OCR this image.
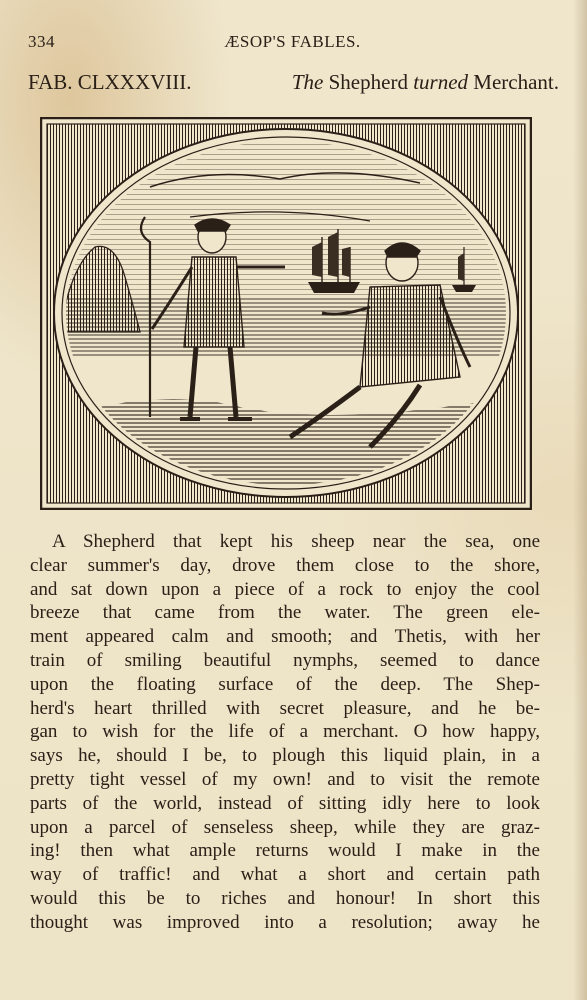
334	ÆSOP'S FABLES.
FAB. CLXXXVIII.	The Shepherd turned Merchant.
A Shepherd that kept his sheep near the sea, one
clear summer's day, drove them close to the shore,
and sat down upon a piece of a rock to enjoy the cool
breeze that came from the water. The green ele-
ment appeared calm and smooth; and Thetis, with her
train of smiling beautiful nymphs, seemed to dance
upon the floating surface of the deep. The Shep-
herd's heart thrilled with secret pleasure, and he be-
gan to wish for the life of a merchant. O how happy,
says he, should I be, to plough this liquid plain, in a
pretty tight vessel of my own! and to visit the remote
parts of the world, instead of sitting idly here to look
upon a parcel of senseless sheep, while they are graz-
ing! then what ample returns would I make in the
way of traffic! and what a short and certain path
would this be to riches and honour! In short this
thought was improved into a resolution; away he
